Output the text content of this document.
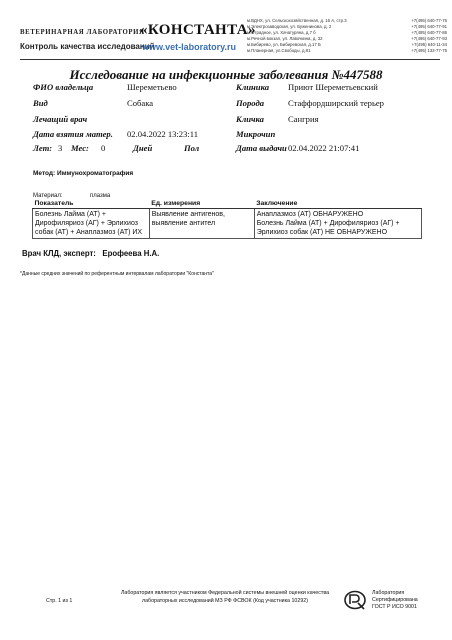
ВЕТЕРИНАРНАЯ ЛАБОРАТОРИЯ
«КОНСТАНТА»
Контроль качества исследований
www.vet-laboratory.ru
м.ВДНХ, ул. Сельскохозяйственная, д. 16 А, стр.3	+7(495) 640-77-76
м.Электрозаводская, ул. Бужениновa, д. 2	+7(495) 640-77-91
м.Отрадное, ул. Хачатуряна, д.7 б	+7(495) 640-77-86
м.Речной вокзал, ул. Лавочкина, д. 32	+7(495) 640-77-93
м.Бибирево, ул. Бибиревская, д.17 Б	+7(495) 640-11-34
м.Планерная, ул.Свободы, д.81	+7(495) 133-77-75
Исследование на инфекционные заболевания №447588
ФИО владельца	Шереметьево	Клиника Приют Шереметьевский
Вид	Собака	Порода	Стаффордширский терьер
Лечащий врач	Кличка	Сангрия
Дата взятия матер. 02.04.2022 13:23:11	Микрочип
Лет: 3 Мес: 0	Дней	Пол	Дата выдачи 02.04.2022 21:07:41
Метод: Иммунохроматография
Материал:	плазма
Показатель	Ед. измерения	Заключение
Болезнь Лайма (АТ) + Дирофиляриоз (АГ) + Эрлихиоз собак (АТ) + Анаплазмоз (АТ) ИХ	Выявление антигенов, выявление антител	Анаплазмоз (АТ) ОБНАРУЖЕНО
Болезнь Лайма (АТ) + Дирофиляриоз (АГ) + Эрлихиоз собак (АТ) НЕ ОБНАРУЖЕНО
Врач КЛД, эксперт:   Ерофеева Н.А.
*Данные средних значений по референтным интервалам лаборатории "Константа"
Стр. 1 из 1
Лаборатория является участником Федеральной системы внешней оценки качества лабораторных исследований МЗ РФ ФСВОК (Код участника 10292)
Лаборатория
Сертифицирована
ГОСТ Р ИСО 9001
